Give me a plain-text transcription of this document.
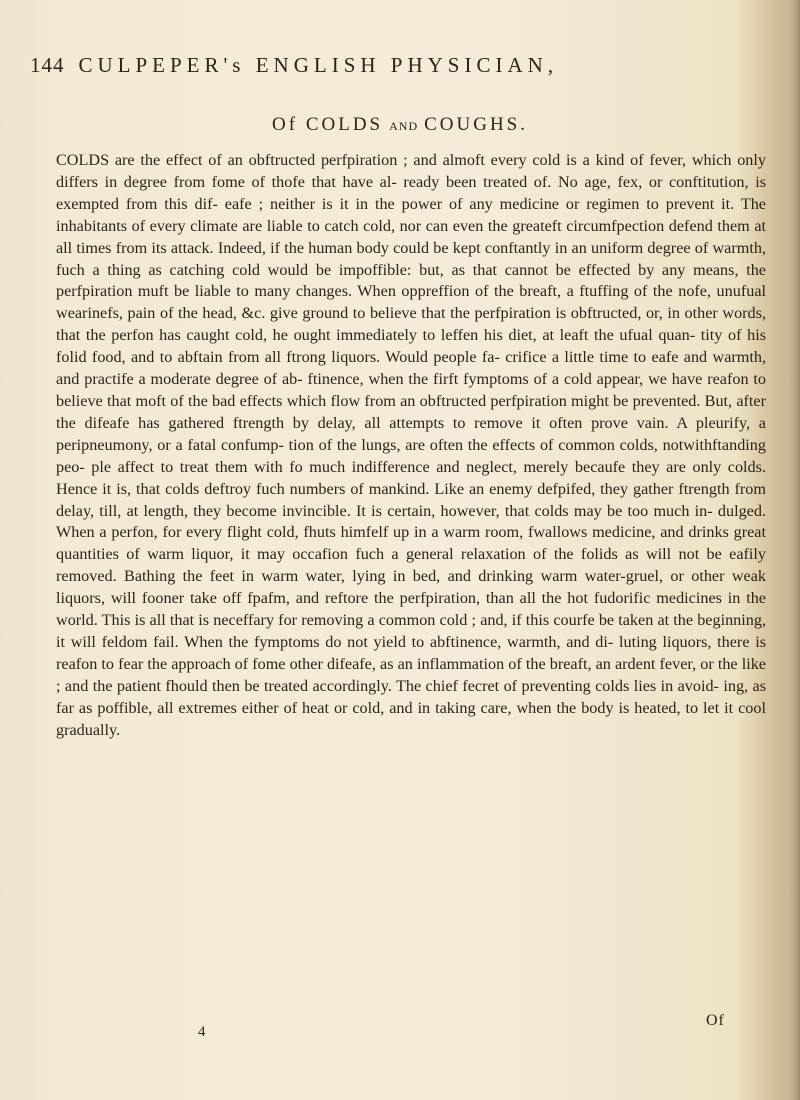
144 CULPEPER's ENGLISH PHYSICIAN,
Of COLDS AND COUGHS.

COLDS are the effect of an obftructed perfpiration ; and almoft every cold is a kind of fever, which only differs in degree from fome of thofe that have al- ready been treated of. No age, fex, or conftitution, is exempted from this dif- eafe ; neither is it in the power of any medicine or regimen to prevent it. The inhabitants of every climate are liable to catch cold, nor can even the greateft circumfpection defend them at all times from its attack. Indeed, if the human body could be kept conftantly in an uniform degree of warmth, fuch a thing as catching cold would be impoffible: but, as that cannot be effected by any means, the perfpiration muft be liable to many changes. When oppreffion of the breaft, a ftuffing of the nofe, unufual wearinefs, pain of the head, &c. give ground to believe that the perfpiration is obftructed, or, in other words, that the perfon has caught cold, he ought immediately to leffen his diet, at leaft the ufual quan- tity of his folid food, and to abftain from all ftrong liquors. Would people fa- crifice a little time to eafe and warmth, and practife a moderate degree of ab- ftinence, when the firft fymptoms of a cold appear, we have reafon to believe that moft of the bad effects which flow from an obftructed perfpiration might be prevented. But, after the difeafe has gathered ftrength by delay, all attempts to remove it often prove vain. A pleurify, a peripneumony, or a fatal confump- tion of the lungs, are often the effects of common colds, notwithftanding peo- ple affect to treat them with fo much indifference and neglect, merely becaufe they are only colds. Hence it is, that colds deftroy fuch numbers of mankind. Like an enemy defpifed, they gather ftrength from delay, till, at length, they become invincible. It is certain, however, that colds may be too much in- dulged. When a perfon, for every flight cold, fhuts himfelf up in a warm room, fwallows medicine, and drinks great quantities of warm liquor, it may occafion fuch a general relaxation of the folids as will not be eafily removed. Bathing the feet in warm water, lying in bed, and drinking warm water-gruel, or other weak liquors, will fooner take off fpafm, and reftore the perfpiration, than all the hot fudorific medicines in the world. This is all that is neceffary for removing a common cold ; and, if this courfe be taken at the beginning, it will feldom fail. When the fymptoms do not yield to abftinence, warmth, and di- luting liquors, there is reafon to fear the approach of fome other difeafe, as an inflammation of the breaft, an ardent fever, or the like ; and the patient fhould then be treated accordingly. The chief fecret of preventing colds lies in avoid- ing, as far as poffible, all extremes either of heat or cold, and in taking care, when the body is heated, to let it cool gradually.

4
Of
